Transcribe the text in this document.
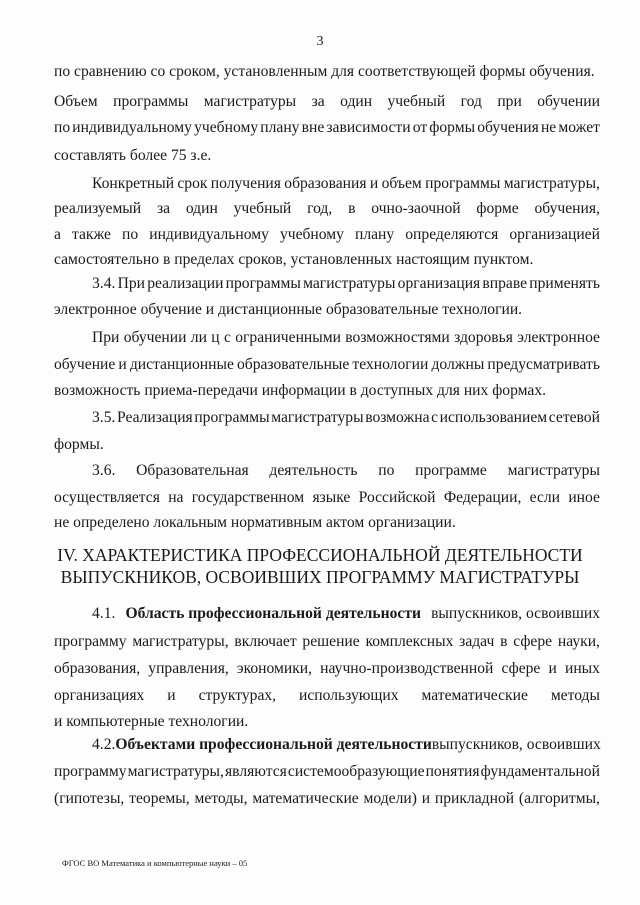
3
по сравнению со сроком, установленным для соответствующей формы обучения.
Объем программы магистратуры за один учебный год при обучении
по индивидуальному учебному плану вне зависимости от формы обучения не может
составлять более 75 з.е.
Конкретный срок получения образования и объем программы магистратуры,
реализуемый за один учебный год, в очно-заочной форме обучения,
а также по индивидуальному учебному плану определяются организацией
самостоятельно в пределах сроков, установленных настоящим пунктом.
3.4. При реализации программы магистратуры организация вправе применять
электронное обучение и дистанционные образовательные технологии.
При обучении ли ц с ограниченными возможностями здоровья электронное
обучение и дистанционные образовательные технологии должны предусматривать
возможность приема-передачи информации в доступных для них формах.
3.5. Реализация программы магистратуры возможна с использованием сетевой
формы.
3.6. Образовательная деятельность по программе магистратуры
осуществляется на государственном языке Российской Федерации, если иное
не определено локальным нормативным актом организации.
IV. ХАРАКТЕРИСТИКА ПРОФЕССИОНАЛЬНОЙ ДЕЯТЕЛЬНОСТИ
ВЫПУСКНИКОВ, ОСВОИВШИХ ПРОГРАММУ МАГИСТРАТУРЫ
4.1. Область профессиональной деятельности выпускников, освоивших
программу магистратуры, включает решение комплексных задач в сфере науки,
образования, управления, экономики, научно-производственной сфере и иных
организациях и структурах, использующих математические методы
и компьютерные технологии.
4.2. Объектами профессиональной деятельности выпускников, освоивших
программу магистратуры, являются системообразующие понятия фундаментальной
(гипотезы, теоремы, методы, математические модели) и прикладной (алгоритмы,
ФГОС ВО Математика и компьютерные науки – 05
